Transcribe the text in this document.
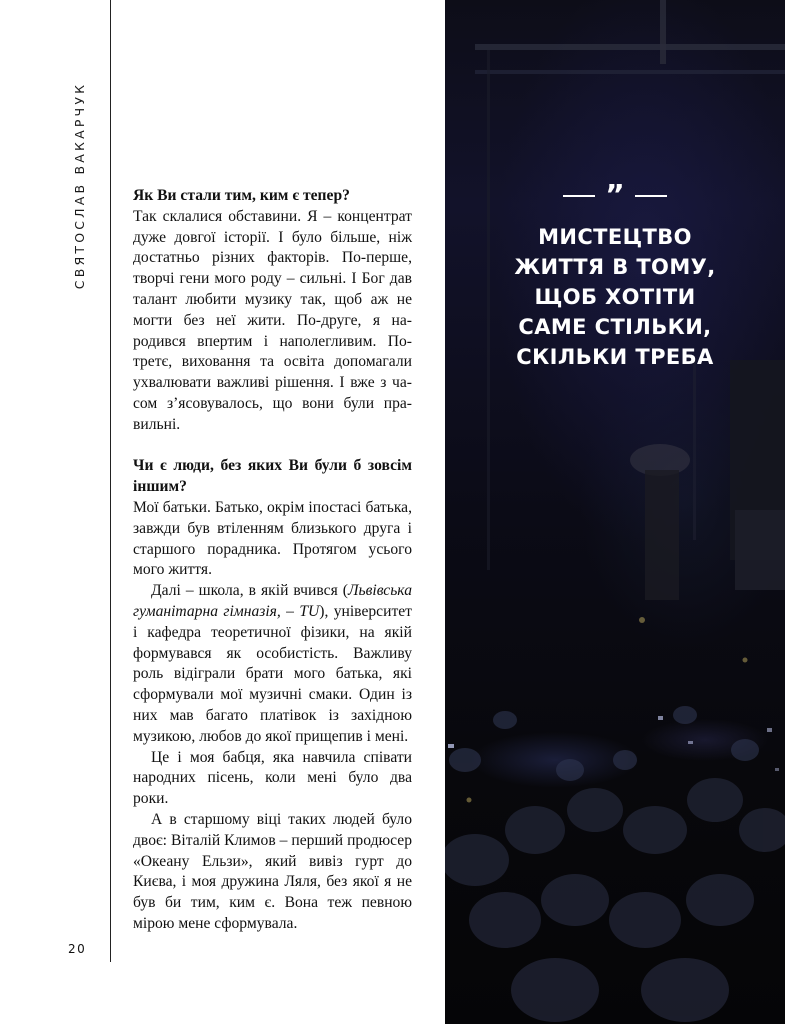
СВЯТОСЛАВ ВАКАРЧУК
20

Як Ви стали тим, ким є тепер?

Так склалися обставини. Я – концентрат дуже довгої історії. І було більше, ніж достатньо різних факторів. По-перше, творчі гени мого роду – сильні. І Бог дав талант любити музику так, щоб аж не могти без неї жити. По-друге, я народився впертим і наполегливим. Потретє, виховання та освіта допомагали ухвалювати важливі рішення. І вже з часом з’ясовувалось, що вони були правильні.

Чи є люди, без яких Ви були б зовсім іншим?

Мої батьки. Батько, окрім іпостасі батька, завжди був втіленням близького друга і старшого порадника. Протягом усього мого життя.

Далі – школа, в якій вчився (Львівська гуманітарна гімназія, – TU), університет і кафедра теоретичної фізики, на якій формувався як особистість. Важливу роль відіграли брати мого батька, які сформували мої музичні смаки. Один із них мав багато платівок із західною музикою, любов до якої прищепив і мені.

Це і моя бабця, яка навчила співати народних пісень, коли мені було два роки.

А в старшому віці таких людей було двоє: Віталій Климов – перший продюсер «Океану Ельзи», який вивіз гурт до Києва, і моя дружина Ляля, без якої я не був би тим, ким є. Вона теж певною мірою мене сформувала.

”
МИСТЕЦТВО
ЖИТТЯ В ТОМУ,
ЩОБ ХОТІТИ
САМЕ СТІЛЬКИ,
СКІЛЬКИ ТРЕБА
